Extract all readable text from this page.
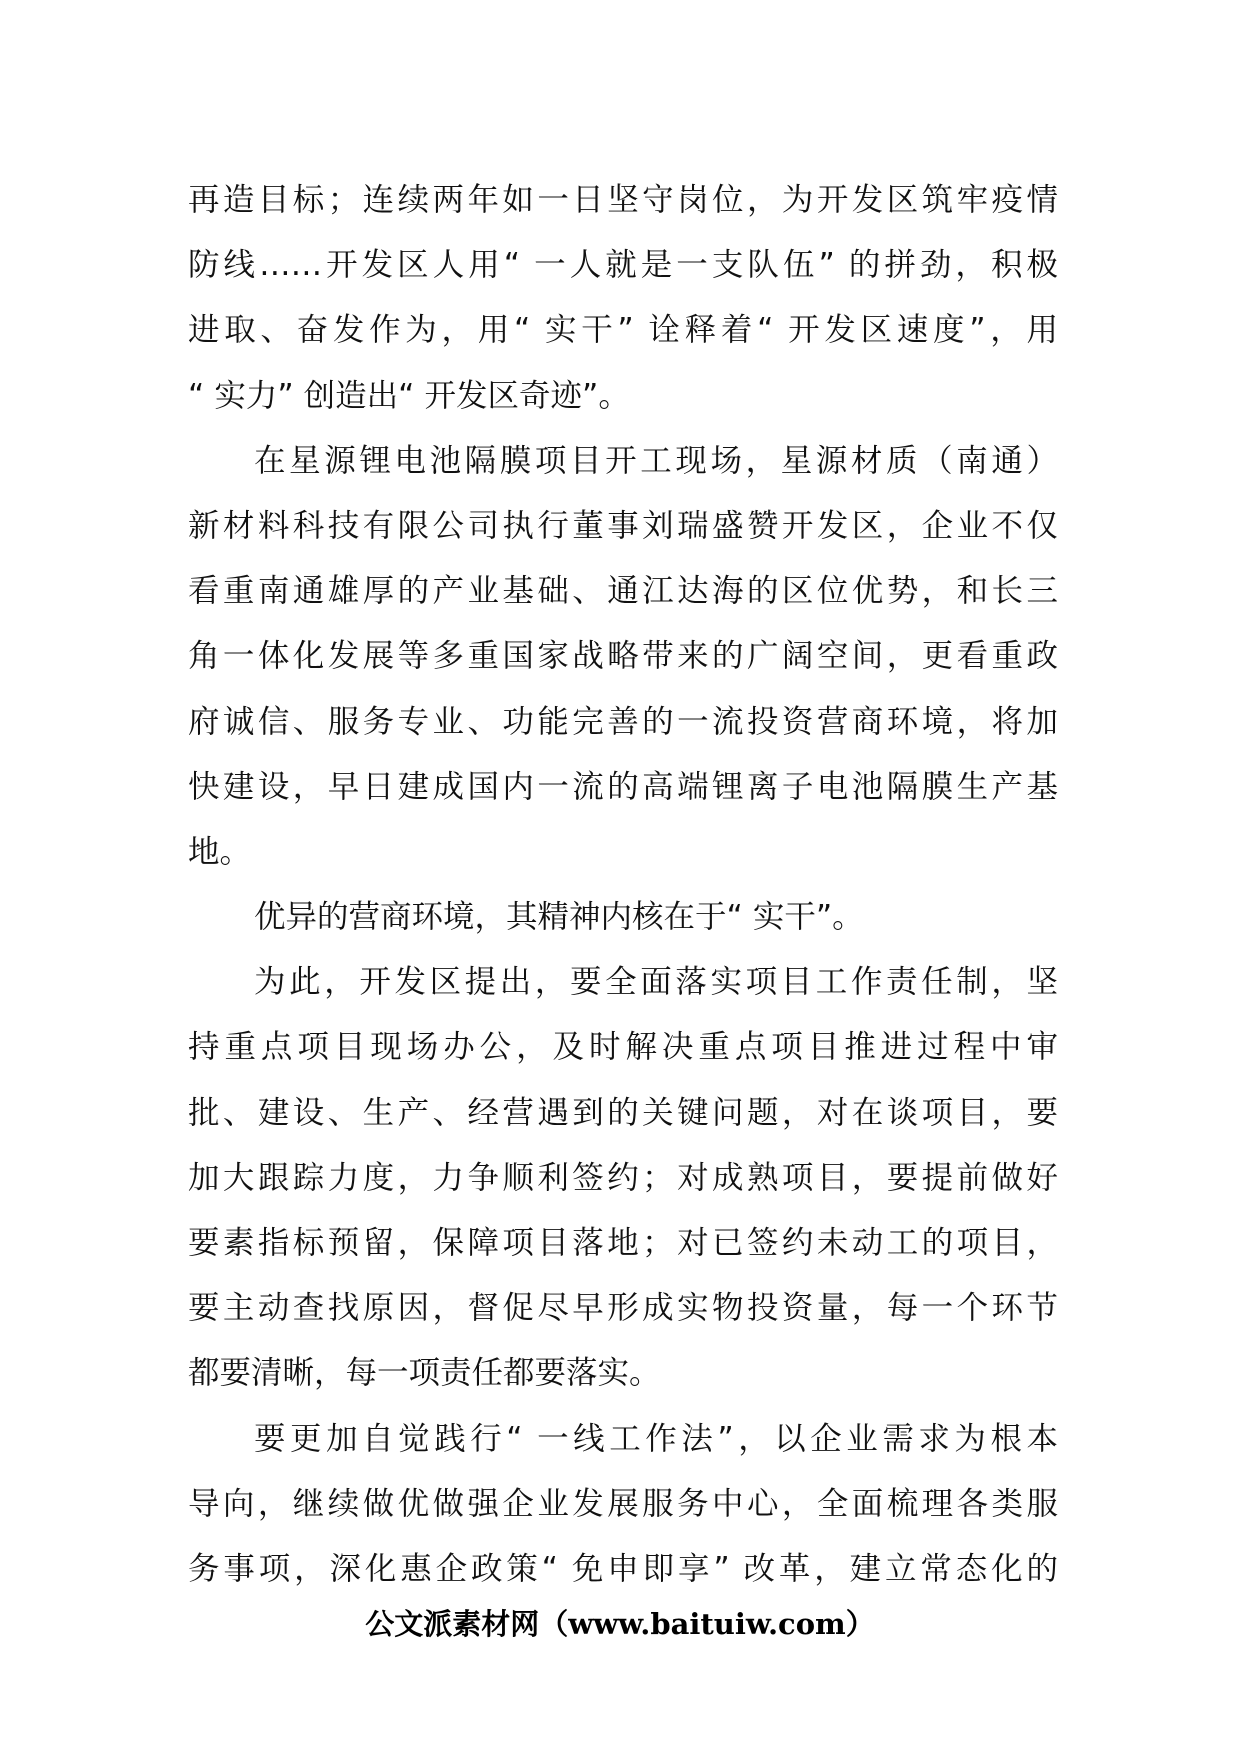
再造目标；连续两年如一日坚守岗位，为开发区筑牢疫情
防线……开发区人用“ 一人就是一支队伍” 的拼劲，积极
进取、奋发作为，用“ 实干” 诠释着“ 开发区速度”，用
“ 实力” 创造出“ 开发区奇迹”。
在星源锂电池隔膜项目开工现场，星源材质（南通）
新材料科技有限公司执行董事刘瑞盛赞开发区，企业不仅
看重南通雄厚的产业基础、通江达海的区位优势，和长三
角一体化发展等多重国家战略带来的广阔空间，更看重政
府诚信、服务专业、功能完善的一流投资营商环境，将加
快建设，早日建成国内一流的高端锂离子电池隔膜生产基
地。
优异的营商环境，其精神内核在于“ 实干”。
为此，开发区提出，要全面落实项目工作责任制，坚
持重点项目现场办公，及时解决重点项目推进过程中审
批、建设、生产、经营遇到的关键问题，对在谈项目，要
加大跟踪力度，力争顺利签约；对成熟项目，要提前做好
要素指标预留，保障项目落地；对已签约未动工的项目，
要主动查找原因，督促尽早形成实物投资量，每一个环节
都要清晰，每一项责任都要落实。
要更加自觉践行“ 一线工作法”，以企业需求为根本
导向，继续做优做强企业发展服务中心，全面梳理各类服
务事项，深化惠企政策“ 免申即享” 改革，建立常态化的
公文派素材网（www.baituiw.com）
